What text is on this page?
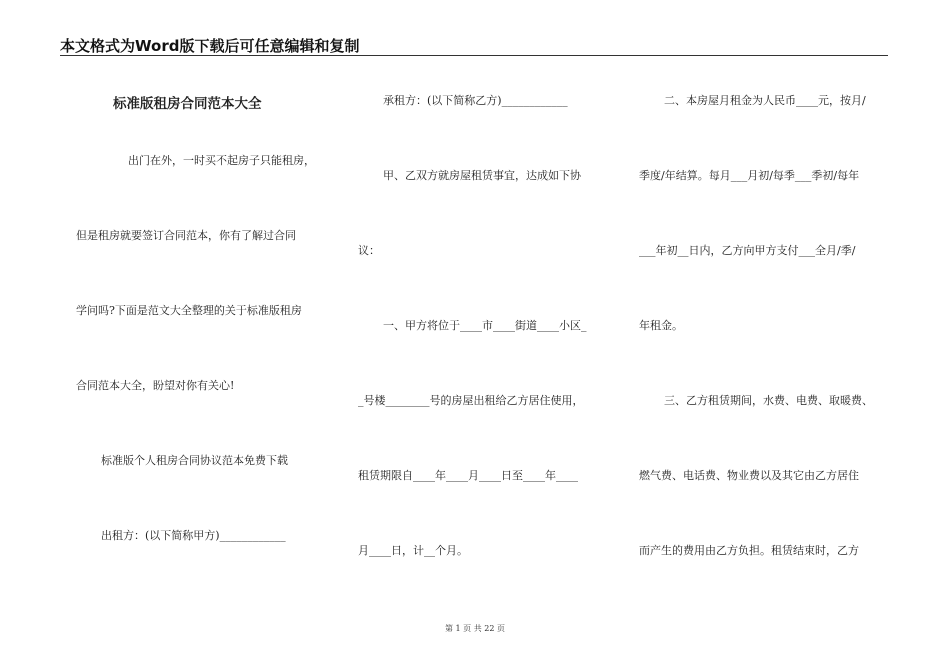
本文格式为Word版下载后可任意编辑和复制
标准版租房合同范本大全
出门在外，一时买不起房子只能租房，
但是租房就要签订合同范本，你有了解过合同
学问吗?下面是范文大全整理的关于标准版租房
合同范本大全，盼望对你有关心!
标准版个人租房合同协议范本免费下载
出租方：(以下简称甲方)____________
承租方：(以下简称乙方)____________
甲、乙双方就房屋租赁事宜，达成如下协
议：
一、甲方将位于____市____街道____小区_
_号楼________号的房屋出租给乙方居住使用，
租赁期限自____年____月____日至____年____
月____日，计__个月。
二、本房屋月租金为人民币____元，按月/
季度/年结算。每月___月初/每季___季初/每年
___年初__日内，乙方向甲方支付___全月/季/
年租金。
三、乙方租赁期间，水费、电费、取暖费、
燃气费、电话费、物业费以及其它由乙方居住
而产生的费用由乙方负担。租赁结束时，乙方
第 1 页 共 22 页
